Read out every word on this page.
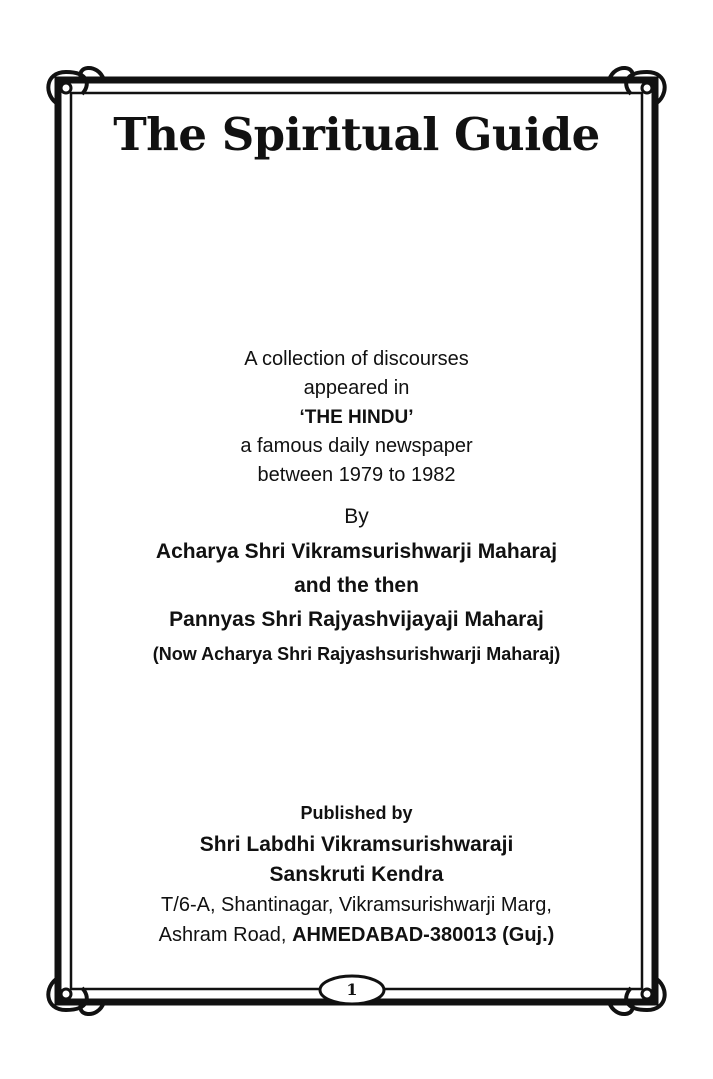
The Spiritual Guide
A collection of discourses
appeared in
‘THE HINDU’
a famous daily newspaper
between 1979 to 1982
By
Acharya Shri Vikramsurishwarji Maharaj
and the then
Pannyas Shri Rajyashvijayaji Maharaj
(Now Acharya Shri Rajyashsurishwarji Maharaj)
Published by
Shri Labdhi Vikramsurishwaraji
Sanskruti Kendra
T/6-A, Shantinagar, Vikramsurishwarji Marg,
Ashram Road, AHMEDABAD-380013 (Guj.)
1
